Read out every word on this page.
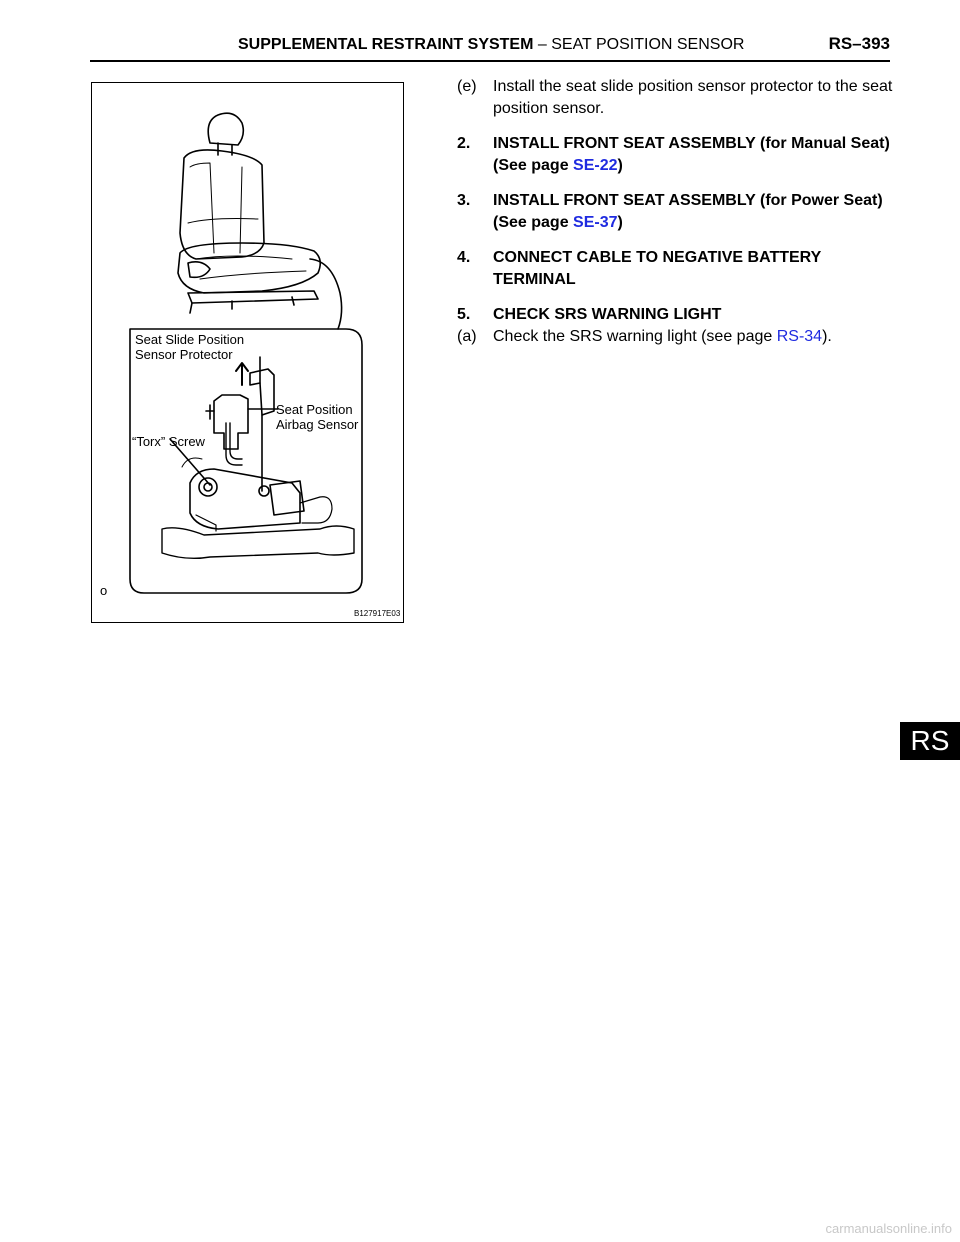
SUPPLEMENTAL RESTRAINT SYSTEM – SEAT POSITION SENSOR	RS–393
Seat Slide Position
Sensor Protector
Seat Position
Airbag Sensor
“Torx” Screw
o
B127917E03
(e) Install the seat slide position sensor protector to the seat position sensor.
2. INSTALL FRONT SEAT ASSEMBLY (for Manual Seat)
(See page SE-22)
3. INSTALL FRONT SEAT ASSEMBLY (for Power Seat)
(See page SE-37)
4. CONNECT CABLE TO NEGATIVE BATTERY TERMINAL
5. CHECK SRS WARNING LIGHT
(a) Check the SRS warning light (see page RS-34).
RS
carmanualsonline.info
